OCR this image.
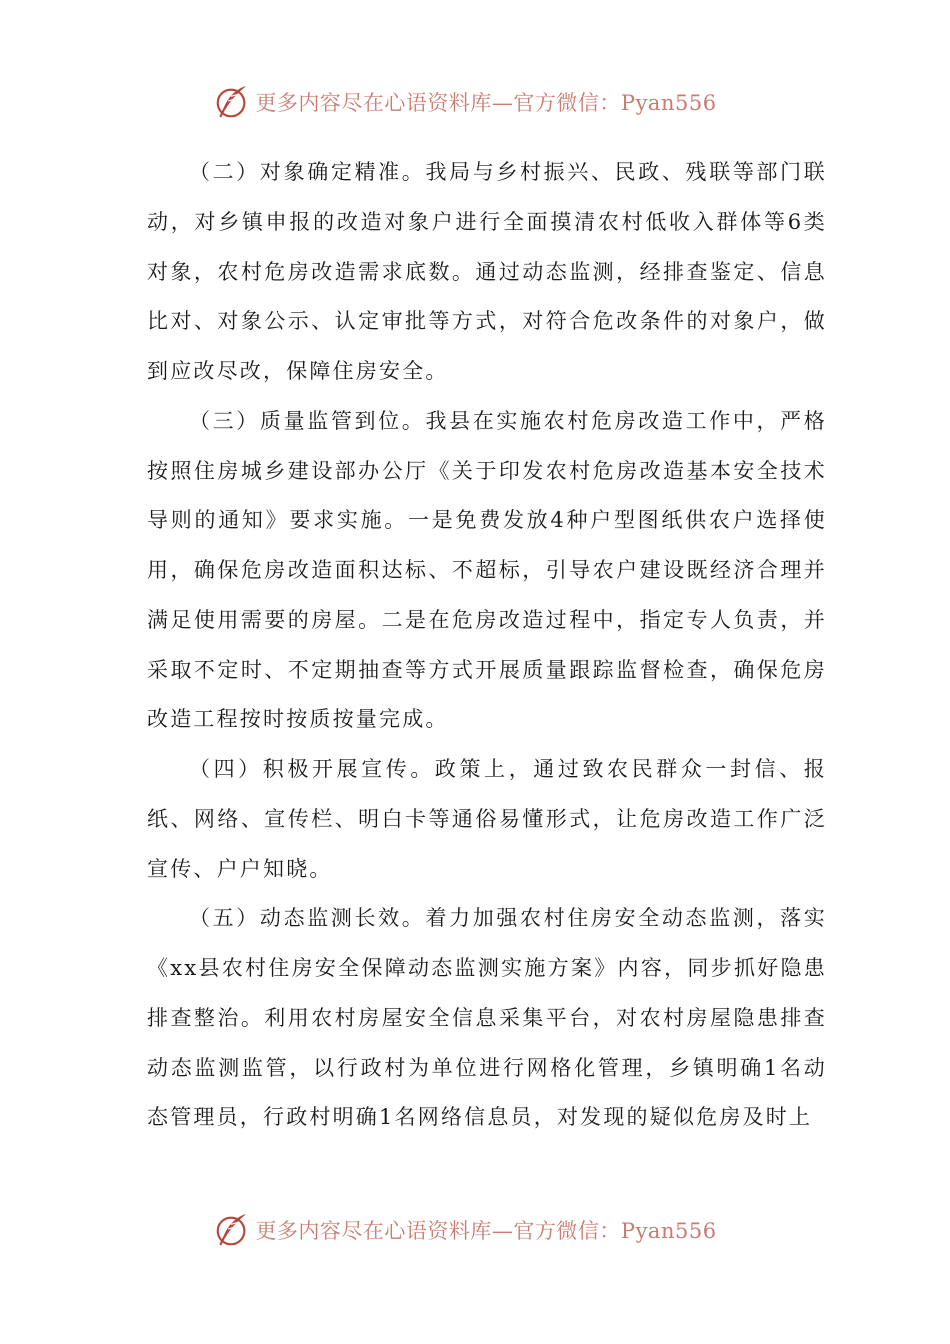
更多内容尽在心语资料库—官方微信：Pyan556

（二）对象确定精准。我局与乡村振兴、民政、残联等部门联动，对乡镇申报的改造对象户进行全面摸清农村低收入群体等6类对象，农村危房改造需求底数。通过动态监测，经排查鉴定、信息比对、对象公示、认定审批等方式，对符合危改条件的对象户，做到应改尽改，保障住房安全。

（三）质量监管到位。我县在实施农村危房改造工作中，严格按照住房城乡建设部办公厅《关于印发农村危房改造基本安全技术导则的通知》要求实施。一是免费发放4种户型图纸供农户选择使用，确保危房改造面积达标、不超标，引导农户建设既经济合理并满足使用需要的房屋。二是在危房改造过程中，指定专人负责，并采取不定时、不定期抽查等方式开展质量跟踪监督检查，确保危房改造工程按时按质按量完成。

（四）积极开展宣传。政策上，通过致农民群众一封信、报纸、网络、宣传栏、明白卡等通俗易懂形式，让危房改造工作广泛宣传、户户知晓。

（五）动态监测长效。着力加强农村住房安全动态监测，落实《xx县农村住房安全保障动态监测实施方案》内容，同步抓好隐患排查整治。利用农村房屋安全信息采集平台，对农村房屋隐患排查动态监测监管，以行政村为单位进行网格化管理，乡镇明确1名动态管理员，行政村明确1名网络信息员，对发现的疑似危房及时上

更多内容尽在心语资料库—官方微信：Pyan556
